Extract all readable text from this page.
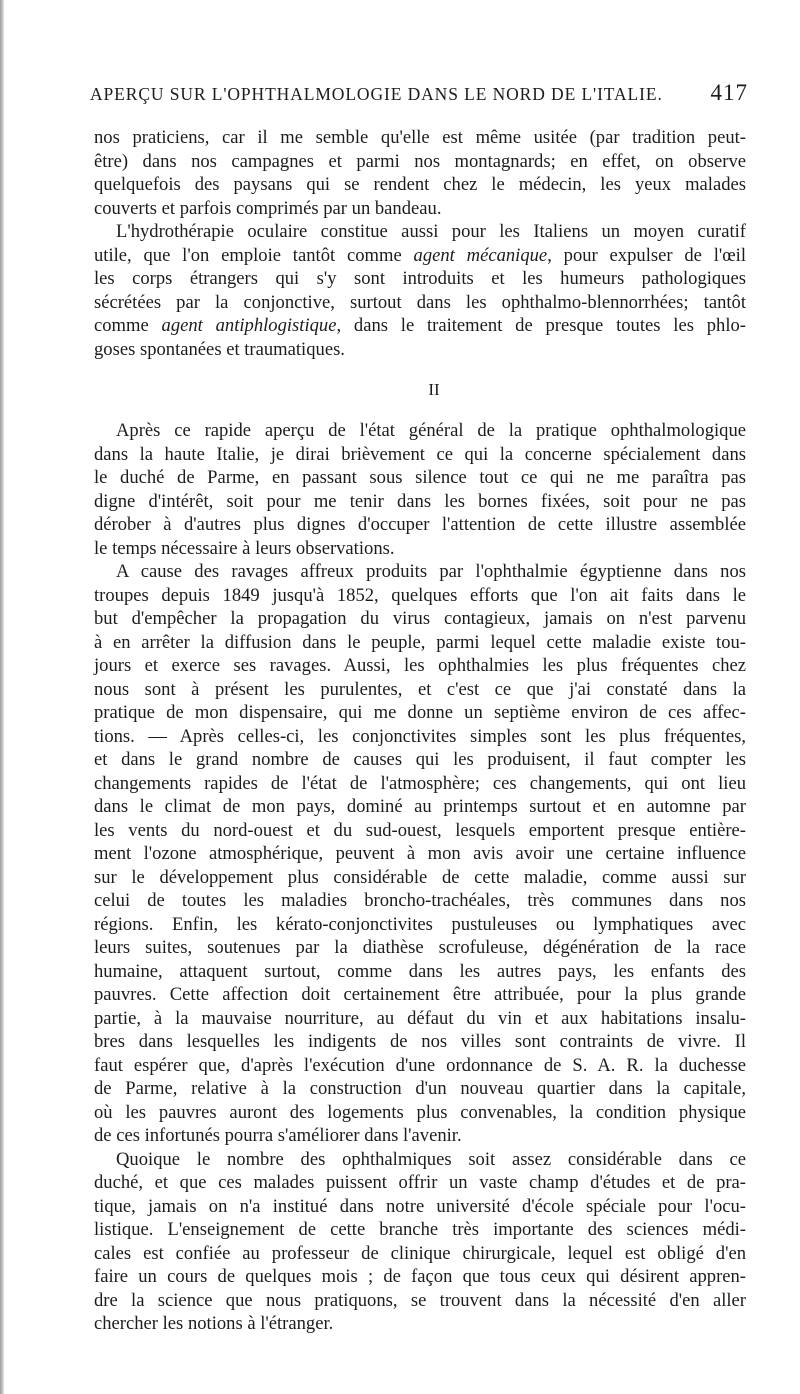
APERÇU SUR L'OPHTHALMOLOGIE DANS LE NORD DE L'ITALIE. 417
nos praticiens, car il me semble qu'elle est même usitée (par tradition peut-
être) dans nos campagnes et parmi nos montagnards; en effet, on observe
quelquefois des paysans qui se rendent chez le médecin, les yeux malades
couverts et parfois comprimés par un bandeau.
L'hydrothérapie oculaire constitue aussi pour les Italiens un moyen curatif
utile, que l'on emploie tantôt comme agent mécanique, pour expulser de l'œil
les corps étrangers qui s'y sont introduits et les humeurs pathologiques
sécrétées par la conjonctive, surtout dans les ophthalmo-blennorrhées; tantôt
comme agent antiphlogistique, dans le traitement de presque toutes les phlo-
goses spontanées et traumatiques.
II
Après ce rapide aperçu de l'état général de la pratique ophthalmologique
dans la haute Italie, je dirai brièvement ce qui la concerne spécialement dans
le duché de Parme, en passant sous silence tout ce qui ne me paraîtra pas
digne d'intérêt, soit pour me tenir dans les bornes fixées, soit pour ne pas
dérober à d'autres plus dignes d'occuper l'attention de cette illustre assemblée
le temps nécessaire à leurs observations.
A cause des ravages affreux produits par l'ophthalmie égyptienne dans nos
troupes depuis 1849 jusqu'à 1852, quelques efforts que l'on ait faits dans le
but d'empêcher la propagation du virus contagieux, jamais on n'est parvenu
à en arrêter la diffusion dans le peuple, parmi lequel cette maladie existe tou-
jours et exerce ses ravages. Aussi, les ophthalmies les plus fréquentes chez
nous sont à présent les purulentes, et c'est ce que j'ai constaté dans la
pratique de mon dispensaire, qui me donne un septième environ de ces affec-
tions. — Après celles-ci, les conjonctivites simples sont les plus fréquentes,
et dans le grand nombre de causes qui les produisent, il faut compter les
changements rapides de l'état de l'atmosphère; ces changements, qui ont lieu
dans le climat de mon pays, dominé au printemps surtout et en automne par
les vents du nord-ouest et du sud-ouest, lesquels emportent presque entière-
ment l'ozone atmosphérique, peuvent à mon avis avoir une certaine influence
sur le développement plus considérable de cette maladie, comme aussi sur
celui de toutes les maladies broncho-trachéales, très communes dans nos
régions. Enfin, les kérato-conjonctivites pustuleuses ou lymphatiques avec
leurs suites, soutenues par la diathèse scrofuleuse, dégénération de la race
humaine, attaquent surtout, comme dans les autres pays, les enfants des
pauvres. Cette affection doit certainement être attribuée, pour la plus grande
partie, à la mauvaise nourriture, au défaut du vin et aux habitations insalu-
bres dans lesquelles les indigents de nos villes sont contraints de vivre. Il
faut espérer que, d'après l'exécution d'une ordonnance de S. A. R. la duchesse
de Parme, relative à la construction d'un nouveau quartier dans la capitale,
où les pauvres auront des logements plus convenables, la condition physique
de ces infortunés pourra s'améliorer dans l'avenir.
Quoique le nombre des ophthalmiques soit assez considérable dans ce
duché, et que ces malades puissent offrir un vaste champ d'études et de pra-
tique, jamais on n'a institué dans notre université d'école spéciale pour l'ocu-
listique. L'enseignement de cette branche très importante des sciences médi-
cales est confiée au professeur de clinique chirurgicale, lequel est obligé d'en
faire un cours de quelques mois ; de façon que tous ceux qui désirent appren-
dre la science que nous pratiquons, se trouvent dans la nécessité d'en aller
chercher les notions à l'étranger.
